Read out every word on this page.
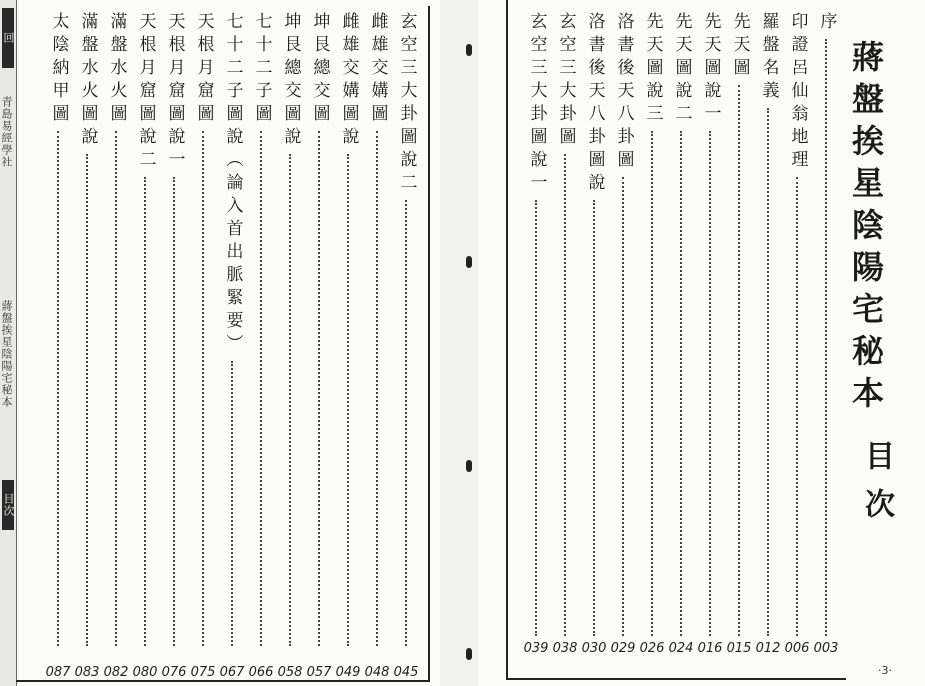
回
青島易經學社
蔣盤挨星陰陽宅秘本
目次
玄空三大卦圖說二
045
雌雄交媾圖
048
雌雄交媾圖說
049
坤艮總交圖
057
坤艮總交圖說
058
七十二子圖
066
七十二子圖說（論入首出脈緊要）
067
天根月窟圖
075
天根月窟圖說一
076
天根月窟圖說二
080
滿盤水火圖
082
滿盤水火圖說
083
太陰納甲圖
087
序
003
印證呂仙翁地理
006
羅盤名義
012
先天圖
015
先天圖說一
016
先天圖說二
024
先天圖說三
026
洛書後天八卦圖
029
洛書後天八卦圖說
030
玄空三大卦圖
038
玄空三大卦圖說一
039
蔣盤挨星陰陽宅秘本
目次
·3·
